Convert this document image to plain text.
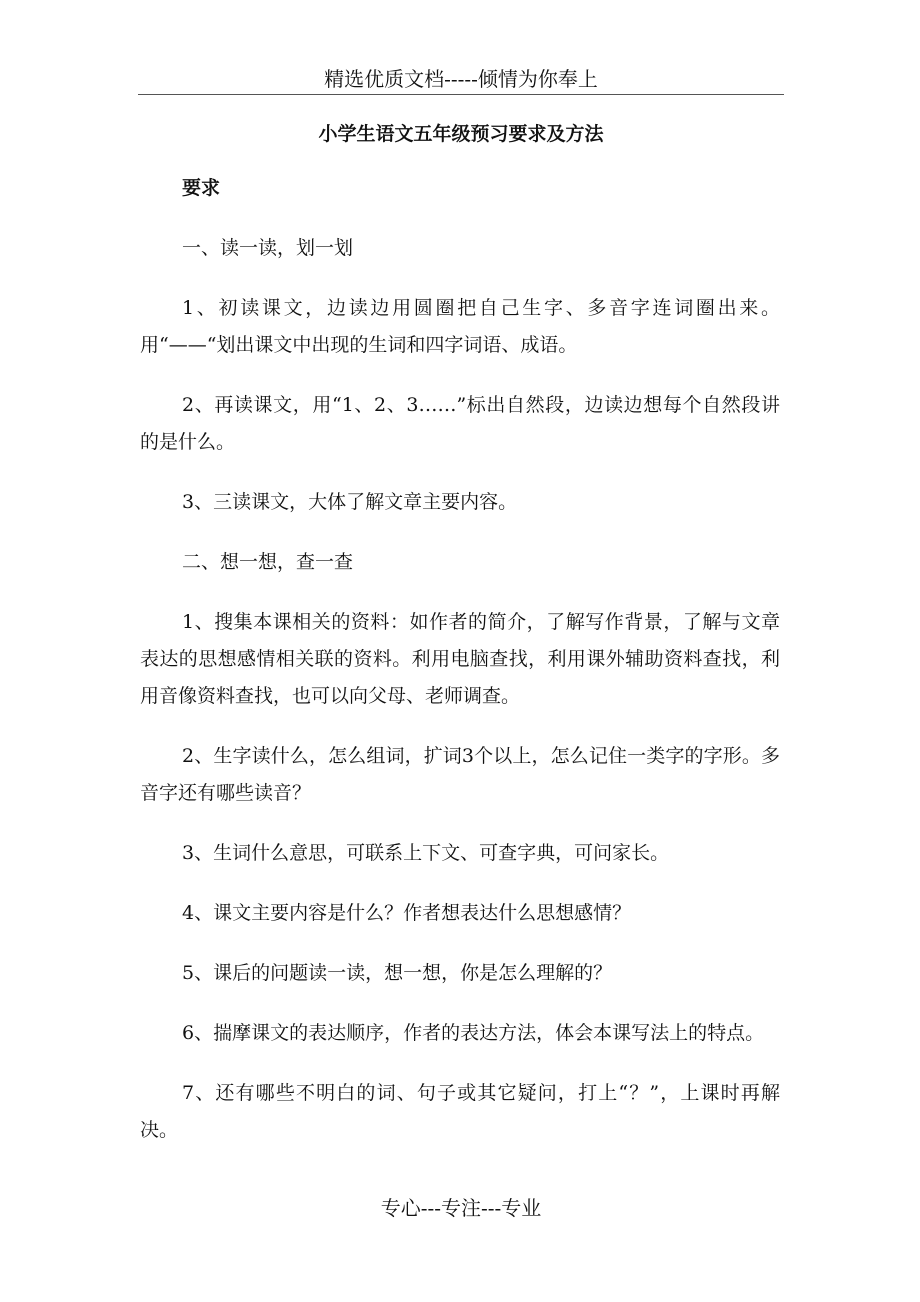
精选优质文档-----倾情为你奉上
小学生语文五年级预习要求及方法

要求

一、读一读，划一划

1、初读课文，边读边用圆圈把自己生字、多音字连词圈出来。用“——“划出课文中出现的生词和四字词语、成语。

2、再读课文，用“1、2、3……”标出自然段，边读边想每个自然段讲的是什么。

3、三读课文，大体了解文章主要内容。

二、想一想，查一查

1、搜集本课相关的资料：如作者的简介，了解写作背景，了解与文章表达的思想感情相关联的资料。利用电脑查找，利用课外辅助资料查找，利用音像资料查找，也可以向父母、老师调查。

2、生字读什么，怎么组词，扩词3个以上，怎么记住一类字的字形。多音字还有哪些读音？

3、生词什么意思，可联系上下文、可查字典，可问家长。

4、课文主要内容是什么？作者想表达什么思想感情？

5、课后的问题读一读，想一想，你是怎么理解的？

6、揣摩课文的表达顺序，作者的表达方法，体会本课写法上的特点。

7、还有哪些不明白的词、句子或其它疑问，打上“？”，上课时再解决。

专心---专注---专业
